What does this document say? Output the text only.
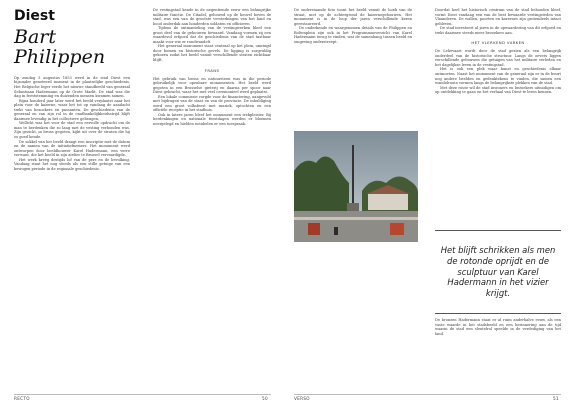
Diest
Bart Philippen

Op zondag 3 augustus 1853 werd in de stad Diest een bijzonder genoteerd moment in de plaatselijke geschiedenis. Het Belgische leger eerde het nieuwe standbeeld van generaal Sebastiaan Hadermann op de Grote Markt. De stad was die dag in feeststemming en duizenden mensen kwamen samen.

Bijna honderd jaar later werd het beeld verplaatst naar het plein voor de kazerne, waar het tot op vandaag de aandacht trekt van bezoekers en passanten. De geschiedenis van de generaal en van zijn rol in de onafhankelijkheidsstrijd blijft daarmee levendig in het collectieve geheugen.

Wellicht was het voor de stad een eervolle opdracht om de man te herdenken die zo lang met de vesting verbonden was. Zijn gezicht, in brons gegoten, kijkt uit over de straten die hij zo goed kende.

De sokkel van het beeld draagt een inscriptie met de datum en de namen van de initiatiefnemers. Het monument werd ontworpen door beeldhouwer Karel Hadermann, een verre verwant, die het beeld in zijn atelier te Brussel vervaardigde.

Het werk kreeg destijds lof van de pers en de bevolking. Vandaag staat het nog steeds als een stille getuige van een bewogen periode in de regionale geschiedenis.

De vestingstad kende in de negentiende eeuw een belangrijke militaire functie. De Citadel, gebouwd op de heuvel boven de stad, was een van de grootste versterkingen van het land en bood onderdak aan honderden soldaten en officieren.

Tijdens de ontmanteling van de vestingwerken bleef een groot deel van de gebouwen bewaard. Vandaag vormen zij een waardevol erfgoed dat de geschiedenis van de stad tastbaar maakt voor wie er rondwandelt.

Het generaal monument staat centraal op het plein, omringd door bomen en historische gevels. De ligging is zorgvuldig gekozen zodat het beeld vanuit verschillende straten zichtbaar blijft.

FRANS

Het gebruik van brons en natuursteen was in die periode gebruikelijk voor openbare monumenten. Het beeld werd gegoten in een Brusselse gieterij en daarna per spoor naar Diest gebracht, waar het met veel ceremonieel werd geplaatst.

Een lokale commissie zorgde voor de financiering, aangevuld met bijdragen van de staat en van de provincie. De inhuldiging werd een groot volksfeest met muziek, optochten en een officiële receptie in het stadhuis.

Ook in latere jaren bleef het monument een trekpleister. Bij herdenkingen en nationale feestdagen werden er bloemen neergelegd en hielden notabelen er een toespraak.

De onderstaande foto toont het beeld vanuit de hoek van de straat, met op de achtergrond de kazernegebouwen. Het monument is in de loop der jaren verschillende keren gerestaureerd.

De onderkende en waargenomen details van de Philippen en Boltenplein zijn ook in het Programmaoverzicht van Karel Hadermann terug te vinden, wat de samenhang tussen beeld en omgeving onderstreept.

Doordat heel het historisch centrum van de stad behouden bleef, vormt Diest vandaag een van de best bewaarde vestingsteden van Vlaanderen. De wallen, poorten en kazernes zijn grotendeels intact gebleven.

De stad investeert al jaren in de opwaardering van dit erfgoed en trekt daarmee steeds meer bezoekers aan.

HET VLERKEND VARKEN

De Lelievaart wordt door de stad gezien als een belangrijk onderdeel van de historische structuur. Langs de oevers liggen verschillende gebouwen die getuigen van het militaire verleden en het dagelijkse leven in de vestingstad.

Het is ook een plek waar kunst en geschiedenis elkaar ontmoeten. Naast het monument van de generaal zijn er in de buurt nog andere beelden en gedenktekens te vinden, die samen een wandelroute vormen langs de belangrijkste plekken van de stad.

Met deze route wil de stad inwoners en bezoekers uitnodigen om op ontdekking te gaan en het verhaal van Diest te leren kennen.

Het blijft schrikken als men de rotonde oprijdt en de sculptuur van Karel Hadermann in het vizier krijgt.

De bronzen Hadermann staat er al ruim anderhalve eeuw, als een vaste waarde in het stadsbeeld en een herinnering aan de tijd waarin de stad een sleutelrol speelde in de verdediging van het land.

RECTO	50	VERSO	51
